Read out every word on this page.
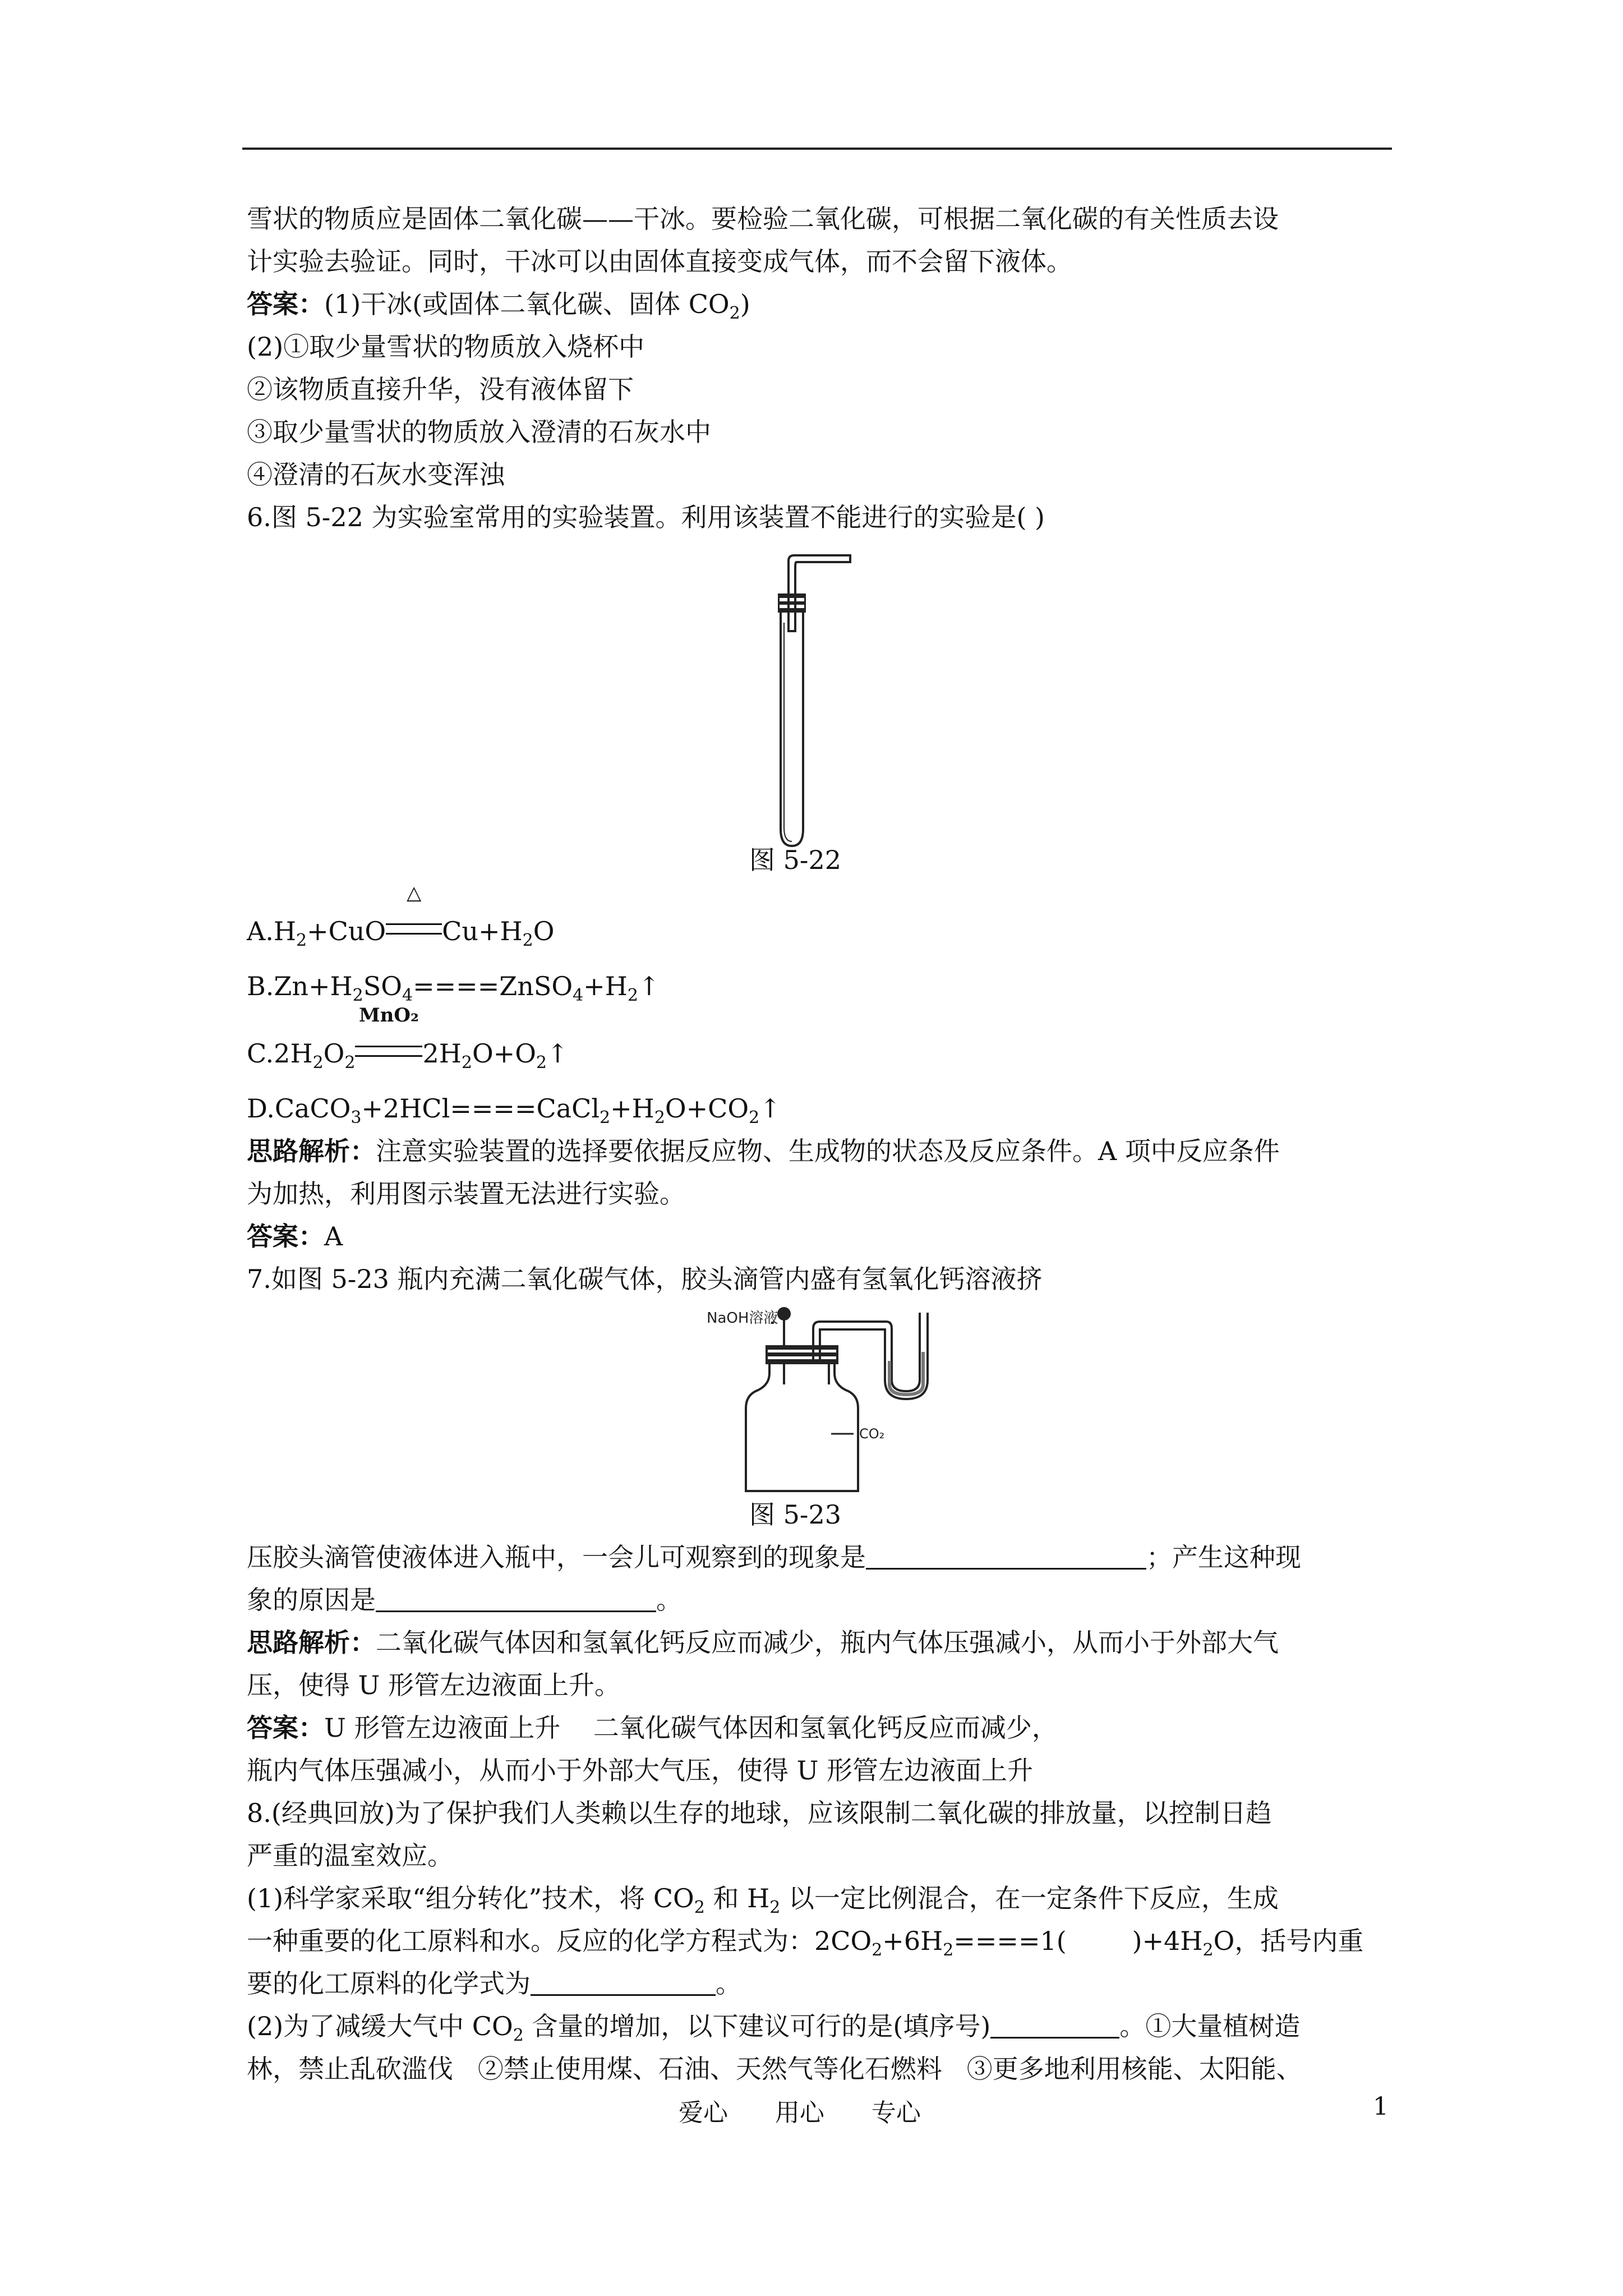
雪状的物质应是固体二氧化碳——干冰。要检验二氧化碳，可根据二氧化碳的有关性质去设
计实验去验证。同时，干冰可以由固体直接变成气体，而不会留下液体。
答案：(1)干冰(或固体二氧化碳、固体 $CO_2$)
(2)①取少量雪状的物质放入烧杯中
②该物质直接升华，没有液体留下
③取少量雪状的物质放入澄清的石灰水中
④澄清的石灰水变浑浊
6.图 5-22 为实验室常用的实验装置。利用该装置不能进行的实验是( )
图 5-22
$A.H_2+CuO$
△
$Cu+H_2O$
$B.Zn+H_2SO_4====ZnSO_4+H_2↑$
$C.2H_2O_2$
MnO₂
$2H_2O+O_2↑$
$D.CaCO_3+2HCl====CaCl_2+H_2O+CO_2↑$
思路解析：注意实验装置的选择要依据反应物、生成物的状态及反应条件。A 项中反应条件
为加热，利用图示装置无法进行实验。
答案：A
7.如图 5-23 瓶内充满二氧化碳气体，胶头滴管内盛有氢氧化钙溶液挤
NaOH溶液
CO₂
图 5-23
压胶头滴管使液体进入瓶中，一会儿可观察到的现象是	；产生这种现
象的原因是	。
思路解析：二氧化碳气体因和氢氧化钙反应而减少，瓶内气体压强减小，从而小于外部大气
压，使得 U 形管左边液面上升。
答案：U 形管左边液面上升    二氧化碳气体因和氢氧化钙反应而减少，
瓶内气体压强减小，从而小于外部大气压，使得 U 形管左边液面上升
8.(经典回放)为了保护我们人类赖以生存的地球，应该限制二氧化碳的排放量，以控制日趋
严重的温室效应。
(1)科学家采取“组分转化”技术，将 $CO_2$ 和 $H_2$ 以一定比例混合，在一定条件下反应，生成
一种重要的化工原料和水。反应的化学方程式为：$2CO_2+6H_2====1$(        )$+4H_2O$，括号内重
要的化工原料的化学式为	。
(2)为了减缓大气中 $CO_2$ 含量的增加，以下建议可行的是(填序号)	。①大量植树造
林，禁止乱砍滥伐   ②禁止使用煤、石油、天然气等化石燃料   ③更多地利用核能、太阳能、
爱心      用心      专心	1
